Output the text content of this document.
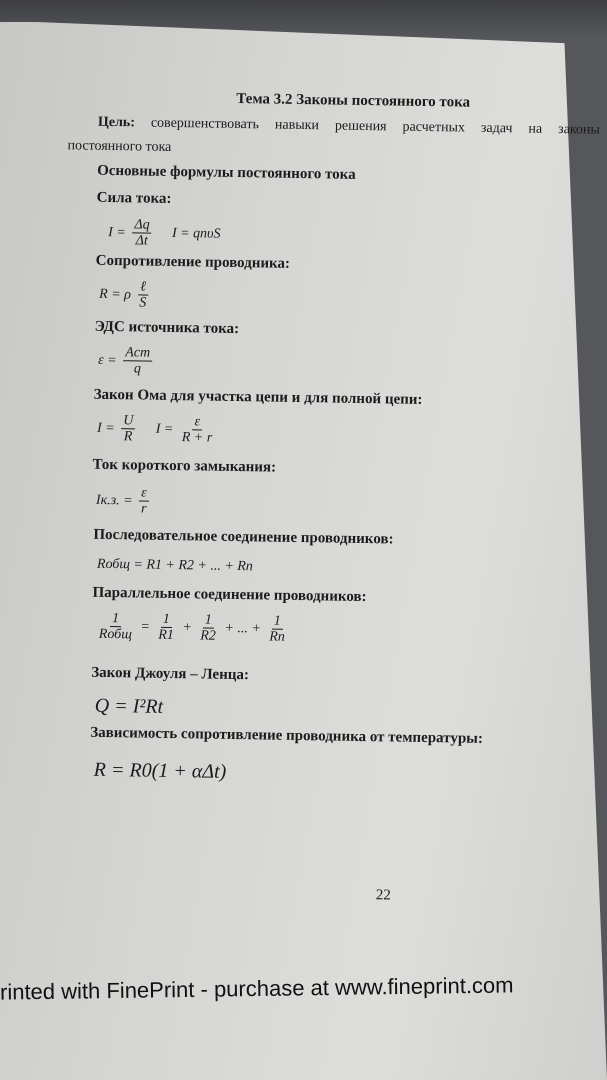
Тема 3.2 Законы постоянного тока
Цель: совершенствовать навыки решения расчетных задач на законы
постоянного тока
Основные формулы постоянного тока
Сила тока:
$I = \frac{\Delta q}{\Delta t}$ I = qnυS
Сопротивление проводника:
R = ρ $\frac{\text{ℓ}}{S}$
ЭДС источника тока:
$\varepsilon = \frac{\text{Aст}}{q}$
Закон Ома для участка цепи и для полной цепи:
$I = \frac{U}{R}$ $I = \frac{\varepsilon}{R + r}$
Ток короткого замыкания:
Iк.з. = $\frac{\varepsilon}{r}$
Последовательное соединение проводников:
Rобщ = R1 + R2 + ... + Rn
Параллельное соединение проводников:
$\frac{1}{\text{Rобщ}} = \frac{1}{R1} + \frac{1}{R2}$ + ... + $\frac{1}{Rn}$
Закон Джоуля – Ленца:
Q = I²Rt
Зависимость сопротивление проводника от температуры:
R = R0(1 + αΔt)
22
rinted with FinePrint - purchase at www.fineprint.com
